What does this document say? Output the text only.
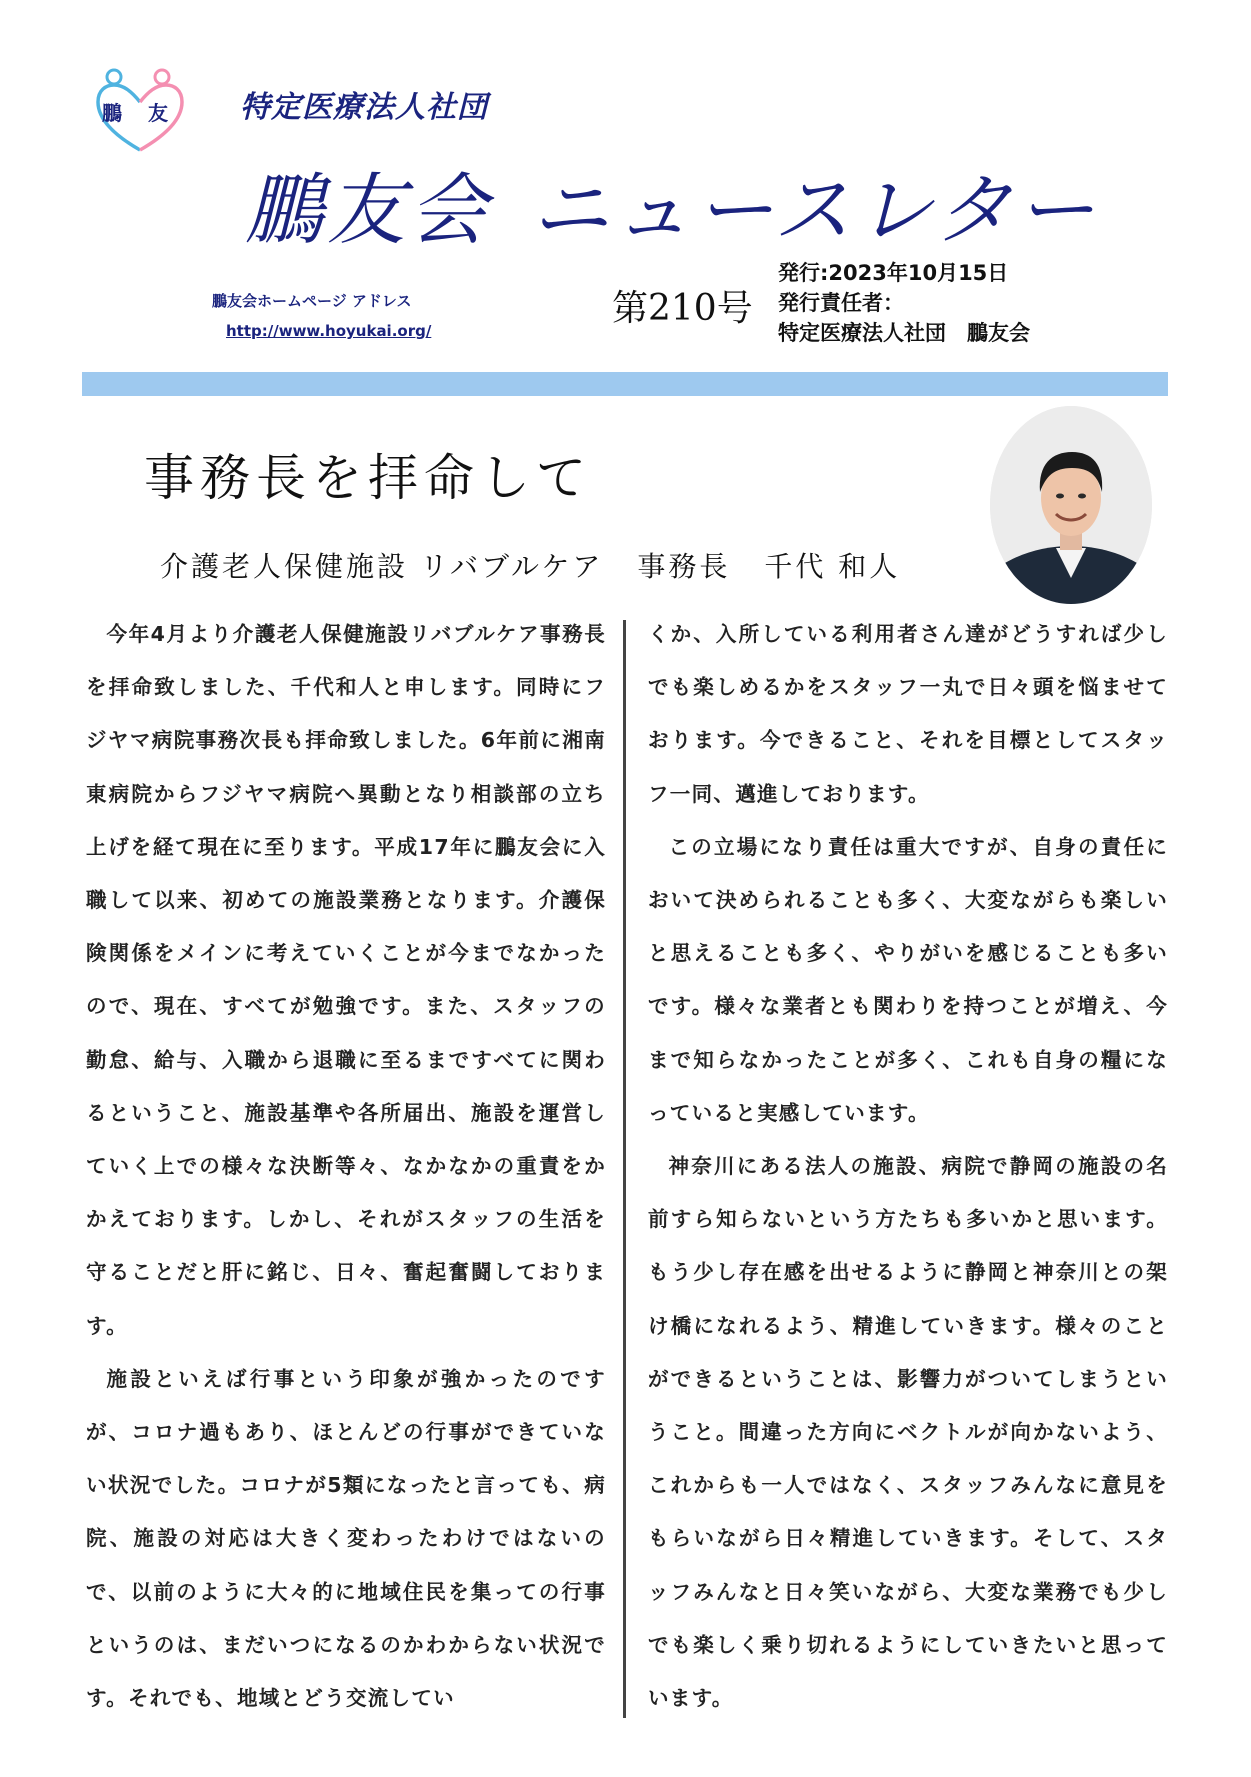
鵬 友 特定医療法人社団
鵬友会 ニュースレター
鵬友会ホームページ アドレス
http://www.hoyukai.org/
第210号
発行:2023年10月15日
発行責任者：
特定医療法人社団　鵬友会
事務長を拝命して
介護老人保健施設 リバブルケア 事務長 千代 和人

今年4月より介護老人保健施設リバブルケア事務長を拝命致しました、千代和人と申します。同時にフジヤマ病院事務次長も拝命致しました。6年前に湘南東病院からフジヤマ病院へ異動となり相談部の立ち上げを経て現在に至ります。平成17年に鵬友会に入職して以来、初めての施設業務となります。介護保険関係をメインに考えていくことが今までなかったので、現在、すべてが勉強です。また、スタッフの勤怠、給与、入職から退職に至るまですべてに関わるということ、施設基準や各所届出、施設を運営していく上での様々な決断等々、なかなかの重責をかかえております。しかし、それがスタッフの生活を守ることだと肝に銘じ、日々、奮起奮闘しております。

施設といえば行事という印象が強かったのですが、コロナ過もあり、ほとんどの行事ができていない状況でした。コロナが5類になったと言っても、病院、施設の対応は大きく変わったわけではないので、以前のように大々的に地域住民を集っての行事というのは、まだいつになるのかわからない状況です。それでも、地域とどう交流してい

くか、入所している利用者さん達がどうすれば少しでも楽しめるかをスタッフ一丸で日々頭を悩ませております。今できること、それを目標としてスタッフ一同、邁進しております。

この立場になり責任は重大ですが、自身の責任において決められることも多く、大変ながらも楽しいと思えることも多く、やりがいを感じることも多いです。様々な業者とも関わりを持つことが増え、今まで知らなかったことが多く、これも自身の糧になっていると実感しています。

神奈川にある法人の施設、病院で静岡の施設の名前すら知らないという方たちも多いかと思います。もう少し存在感を出せるように静岡と神奈川との架け橋になれるよう、精進していきます。様々のことができるということは、影響力がついてしまうということ。間違った方向にベクトルが向かないよう、これからも一人ではなく、スタッフみんなに意見をもらいながら日々精進していきます。そして、スタッフみんなと日々笑いながら、大変な業務でも少しでも楽しく乗り切れるようにしていきたいと思っています。
